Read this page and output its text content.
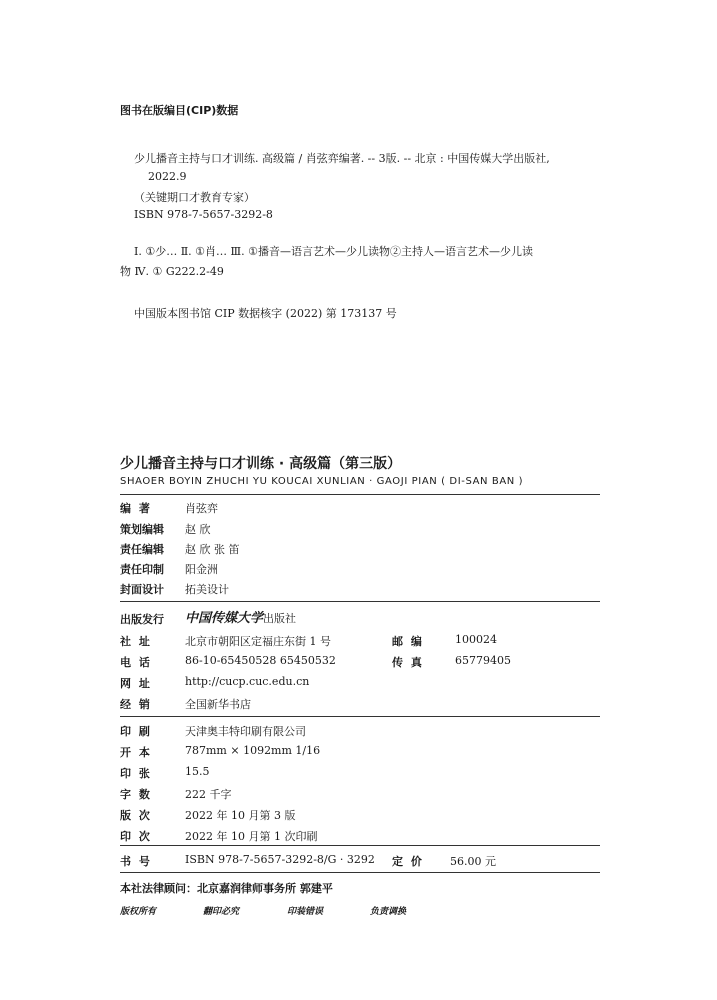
图书在版编目(CIP)数据
少儿播音主持与口才训练. 高级篇 / 肖弦弈编著. -- 3版. -- 北京 : 中国传媒大学出版社,
2022.9
（关键期口才教育专家）
ISBN 978-7-5657-3292-8
Ⅰ. ①少… Ⅱ. ①肖… Ⅲ. ①播音—语言艺术—少儿读物②主持人—语言艺术—少儿读
物 Ⅳ. ① G222.2-49
中国版本图书馆 CIP 数据核字 (2022) 第 173137 号
少儿播音主持与口才训练 · 高级篇（第三版）
SHAOER BOYIN ZHUCHI YU KOUCAI XUNLIAN · GAOJI PIAN ( DI-SAN BAN )
编 著	肖弦弈
策划编辑 赵 欣
责任编辑 赵 欣 张 笛
责任印制 阳金洲
封面设计 拓美设计
出版发行 中国传媒大学出版社
社 址	北京市朝阳区定福庄东街 1 号	邮 编	100024
电 话	86-10-65450528 65450532	传 真	65779405
网 址	http://cucp.cuc.edu.cn
经 销	全国新华书店
印 刷	天津奥丰特印刷有限公司
开 本	787mm × 1092mm 1/16
印 张	15.5
字 数	222 千字
版 次	2022 年 10 月第 3 版
印 次	2022 年 10 月第 1 次印刷
书 号	ISBN 978-7-5657-3292-8/G · 3292 定 价 56.00 元
本社法律顾问：北京嘉润律师事务所 郭建平
版权所有	翻印必究	印装错误	负责调换
